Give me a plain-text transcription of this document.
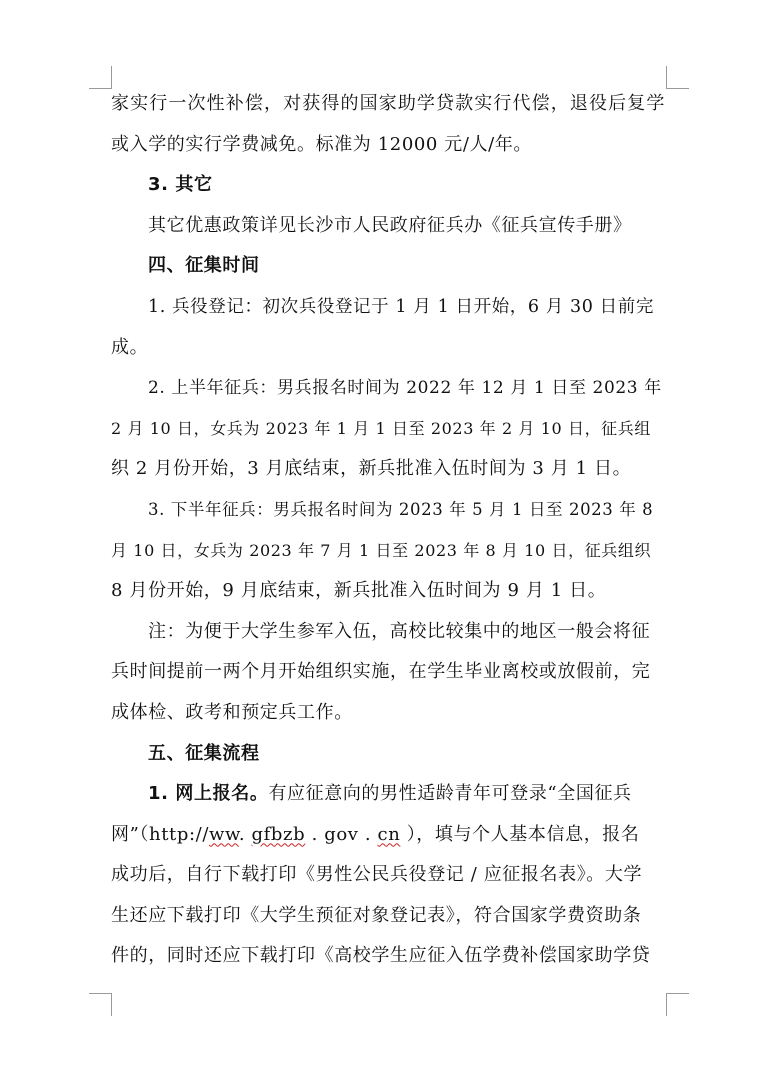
家实行一次性补偿，对获得的国家助学贷款实行代偿，退役后复学
或入学的实行学费减免。标准为 12000 元/人/年。
3. 其它
其它优惠政策详见长沙市人民政府征兵办《征兵宣传手册》
四、征集时间
1. 兵役登记：初次兵役登记于 1 月 1 日开始，6 月 30 日前完
成。
2. 上半年征兵：男兵报名时间为 2022 年 12 月 1 日至 2023 年
2 月 10 日，女兵为 2023 年 1 月 1 日至 2023 年 2 月 10 日，征兵组
织 2 月份开始，3 月底结束，新兵批准入伍时间为 3 月 1 日。
3. 下半年征兵：男兵报名时间为 2023 年 5 月 1 日至 2023 年 8
月 10 日，女兵为 2023 年 7 月 1 日至 2023 年 8 月 10 日，征兵组织
8 月份开始，9 月底结束，新兵批准入伍时间为 9 月 1 日。
注：为便于大学生参军入伍，高校比较集中的地区一般会将征
兵时间提前一两个月开始组织实施，在学生毕业离校或放假前，完
成体检、政考和预定兵工作。
五、征集流程
1. 网上报名。有应征意向的男性适龄青年可登录“全国征兵
网”（http://ww. gfbzb . gov . cn ），填与个人基本信息，报名
成功后，自行下载打印《男性公民兵役登记 / 应征报名表》。大学
生还应下载打印《大学生预征对象登记表》，符合国家学费资助条
件的，同时还应下载打印《高校学生应征入伍学费补偿国家助学贷
